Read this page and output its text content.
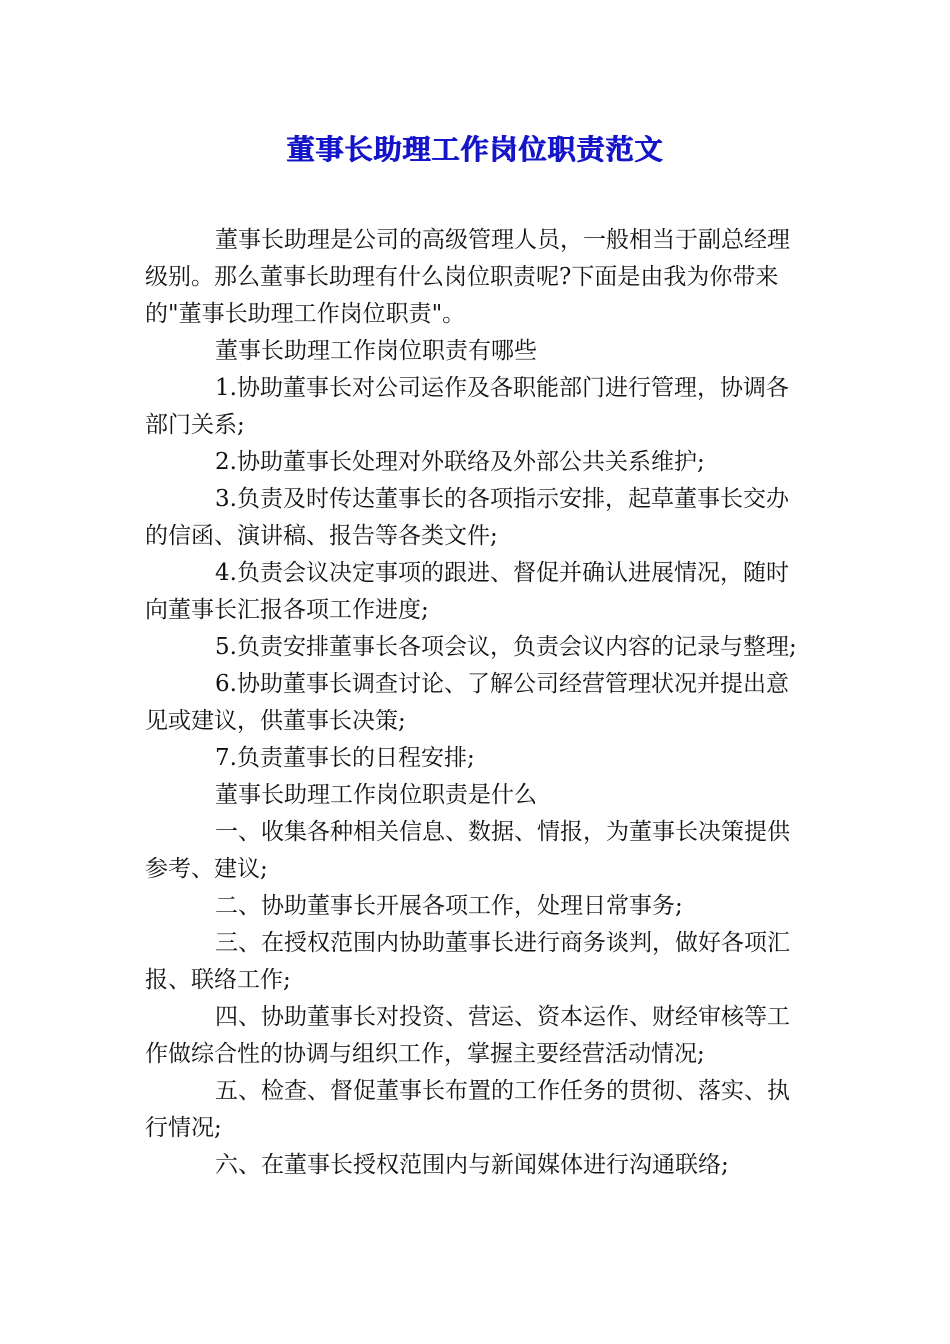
董事长助理工作岗位职责范文

董事长助理是公司的高级管理人员，一般相当于副总经理级别。那么董事长助理有什么岗位职责呢?下面是由我为你带来的"董事长助理工作岗位职责"。

董事长助理工作岗位职责有哪些

1.协助董事长对公司运作及各职能部门进行管理，协调各部门关系;

2.协助董事长处理对外联络及外部公共关系维护;

3.负责及时传达董事长的各项指示安排，起草董事长交办的信函、演讲稿、报告等各类文件;

4.负责会议决定事项的跟进、督促并确认进展情况，随时向董事长汇报各项工作进度;

5.负责安排董事长各项会议，负责会议内容的记录与整理;

6.协助董事长调查讨论、了解公司经营管理状况并提出意见或建议，供董事长决策;

7.负责董事长的日程安排;

董事长助理工作岗位职责是什么

一、收集各种相关信息、数据、情报，为董事长决策提供参考、建议;

二、协助董事长开展各项工作，处理日常事务;

三、在授权范围内协助董事长进行商务谈判，做好各项汇报、联络工作;

四、协助董事长对投资、营运、资本运作、财经审核等工作做综合性的协调与组织工作，掌握主要经营活动情况;

五、检查、督促董事长布置的工作任务的贯彻、落实、执行情况;

六、在董事长授权范围内与新闻媒体进行沟通联络;
